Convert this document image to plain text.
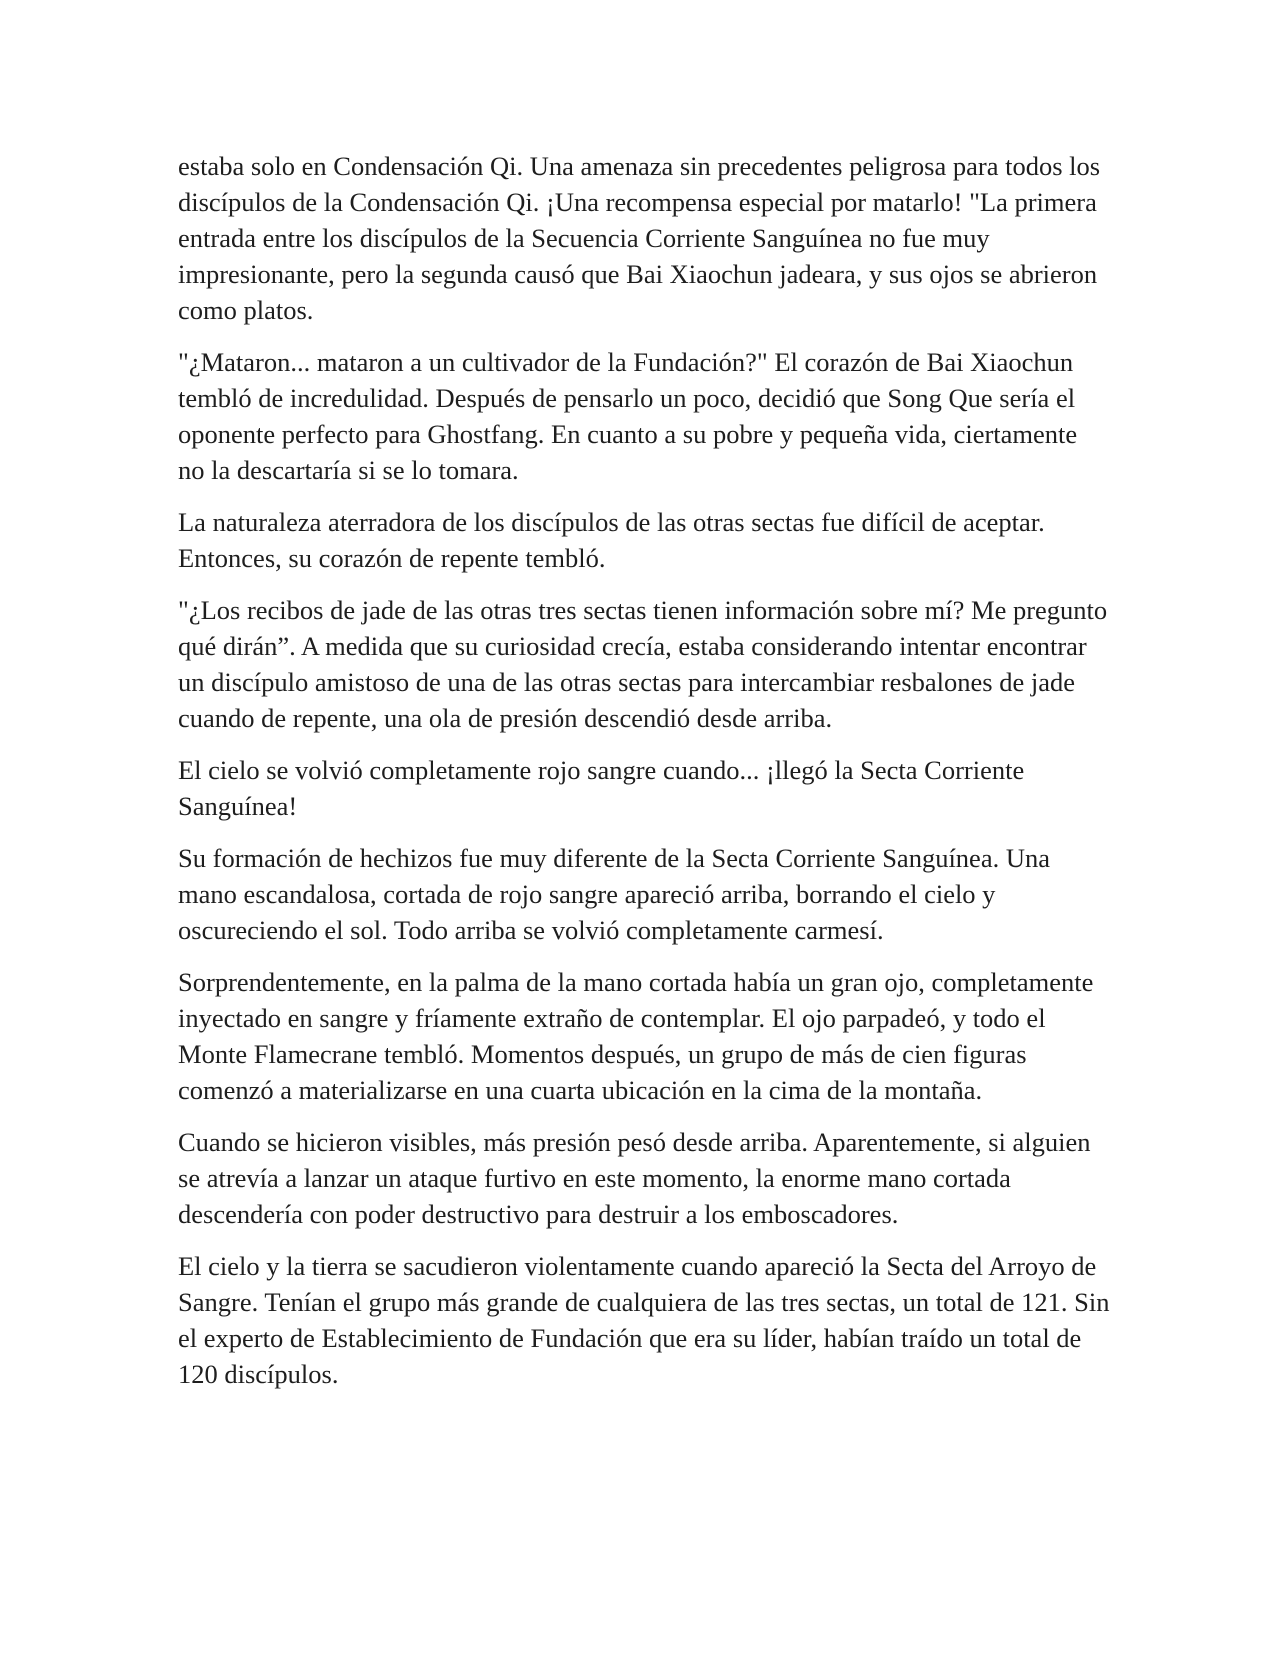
estaba solo en Condensación Qi. Una amenaza sin precedentes peligrosa para todos los discípulos de la Condensación Qi. ¡Una recompensa especial por matarlo! "La primera entrada entre los discípulos de la Secuencia Corriente Sanguínea no fue muy impresionante, pero la segunda causó que Bai Xiaochun jadeara, y sus ojos se abrieron como platos.

"¿Mataron... mataron a un cultivador de la Fundación?" El corazón de Bai Xiaochun tembló de incredulidad. Después de pensarlo un poco, decidió que Song Que sería el oponente perfecto para Ghostfang. En cuanto a su pobre y pequeña vida, ciertamente no la descartaría si se lo tomara.

La naturaleza aterradora de los discípulos de las otras sectas fue difícil de aceptar. Entonces, su corazón de repente tembló.

"¿Los recibos de jade de las otras tres sectas tienen información sobre mí? Me pregunto qué dirán”. A medida que su curiosidad crecía, estaba considerando intentar encontrar un discípulo amistoso de una de las otras sectas para intercambiar resbalones de jade cuando de repente, una ola de presión descendió desde arriba.

El cielo se volvió completamente rojo sangre cuando... ¡llegó la Secta Corriente Sanguínea!

Su formación de hechizos fue muy diferente de la Secta Corriente Sanguínea. Una mano escandalosa, cortada de rojo sangre apareció arriba, borrando el cielo y oscureciendo el sol. Todo arriba se volvió completamente carmesí.

Sorprendentemente, en la palma de la mano cortada había un gran ojo, completamente inyectado en sangre y fríamente extraño de contemplar. El ojo parpadeó, y todo el Monte Flamecrane tembló. Momentos después, un grupo de más de cien figuras comenzó a materializarse en una cuarta ubicación en la cima de la montaña.

Cuando se hicieron visibles, más presión pesó desde arriba. Aparentemente, si alguien se atrevía a lanzar un ataque furtivo en este momento, la enorme mano cortada descendería con poder destructivo para destruir a los emboscadores.

El cielo y la tierra se sacudieron violentamente cuando apareció la Secta del Arroyo de Sangre. Tenían el grupo más grande de cualquiera de las tres sectas, un total de 121. Sin el experto de Establecimiento de Fundación que era su líder, habían traído un total de 120 discípulos.
